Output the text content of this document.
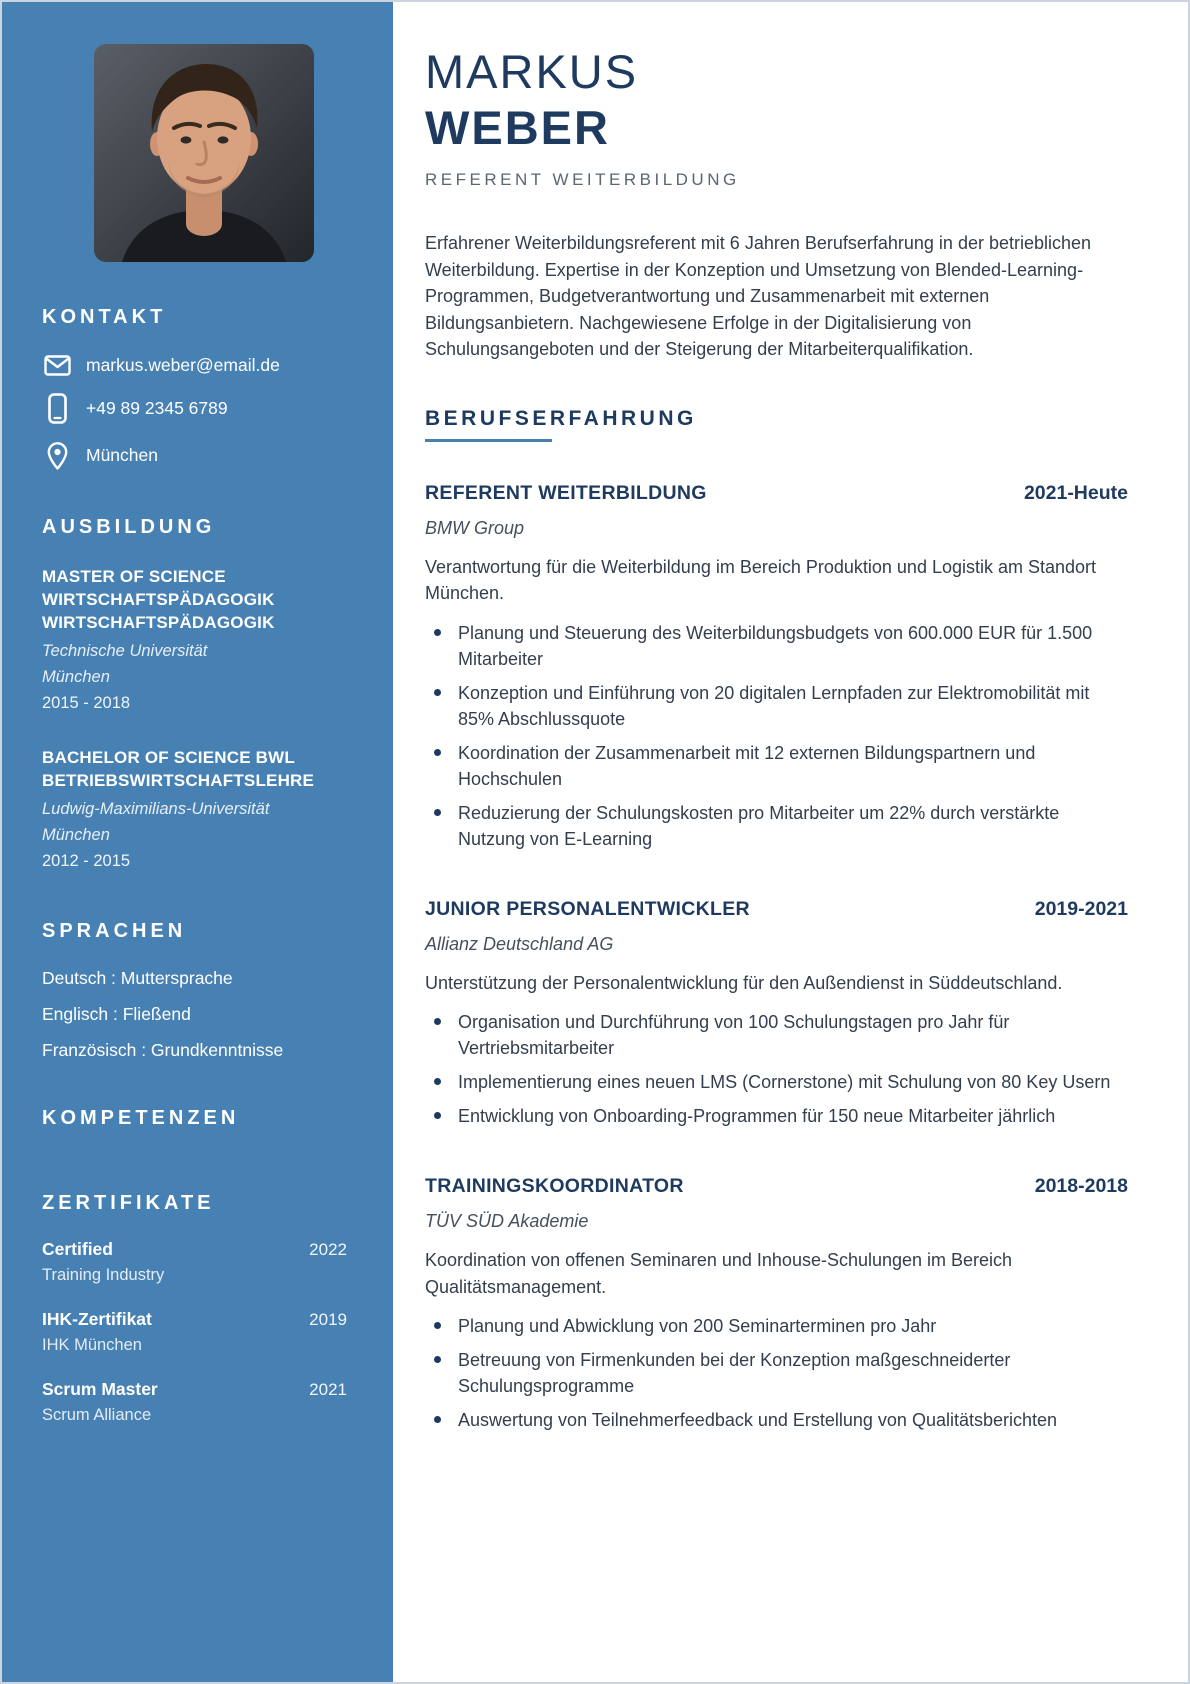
KONTAKT
markus.weber@email.de
+49 89 2345 6789
München
AUSBILDUNG
MASTER OF SCIENCE WIRTSCHAFTSPÄDAGOGIK WIRTSCHAFTSPÄDAGOGIK
Technische Universität
München
2015 - 2018
BACHELOR OF SCIENCE BWL BETRIEBSWIRTSCHAFTSLEHRE
Ludwig-Maximilians-Universität
München
2012 - 2015
SPRACHEN
Deutsch : Muttersprache
Englisch : Fließend
Französisch : Grundkenntnisse
KOMPETENZEN
ZERTIFIKATE
Certified	2022
Training Industry
IHK-Zertifikat	2019
IHK München
Scrum Master	2021
Scrum Alliance
MARKUS
WEBER
REFERENT WEITERBILDUNG

Erfahrener Weiterbildungsreferent mit 6 Jahren Berufserfahrung in der betrieblichen Weiterbildung. Expertise in der Konzeption und Umsetzung von Blended-Learning-Programmen, Budgetverantwortung und Zusammenarbeit mit externen Bildungsanbietern. Nachgewiesene Erfolge in der Digitalisierung von Schulungsangeboten und der Steigerung der Mitarbeiterqualifikation.

BERUFSERFAHRUNG
REFERENT WEITERBILDUNG	2021-Heute
BMW Group
Verantwortung für die Weiterbildung im Bereich Produktion und Logistik am Standort München.
Planung und Steuerung des Weiterbildungsbudgets von 600.000 EUR für 1.500 Mitarbeiter
Konzeption und Einführung von 20 digitalen Lernpfaden zur Elektromobilität mit 85% Abschlussquote
Koordination der Zusammenarbeit mit 12 externen Bildungspartnern und Hochschulen
Reduzierung der Schulungskosten pro Mitarbeiter um 22% durch verstärkte Nutzung von E-Learning
JUNIOR PERSONALENTWICKLER	2019-2021
Allianz Deutschland AG
Unterstützung der Personalentwicklung für den Außendienst in Süddeutschland.
Organisation und Durchführung von 100 Schulungstagen pro Jahr für Vertriebsmitarbeiter
Implementierung eines neuen LMS (Cornerstone) mit Schulung von 80 Key Usern
Entwicklung von Onboarding-Programmen für 150 neue Mitarbeiter jährlich
TRAININGSKOORDINATOR	2018-2018
TÜV SÜD Akademie
Koordination von offenen Seminaren und Inhouse-Schulungen im Bereich Qualitätsmanagement.
Planung und Abwicklung von 200 Seminarterminen pro Jahr
Betreuung von Firmenkunden bei der Konzeption maßgeschneiderter Schulungsprogramme
Auswertung von Teilnehmerfeedback und Erstellung von Qualitätsberichten
